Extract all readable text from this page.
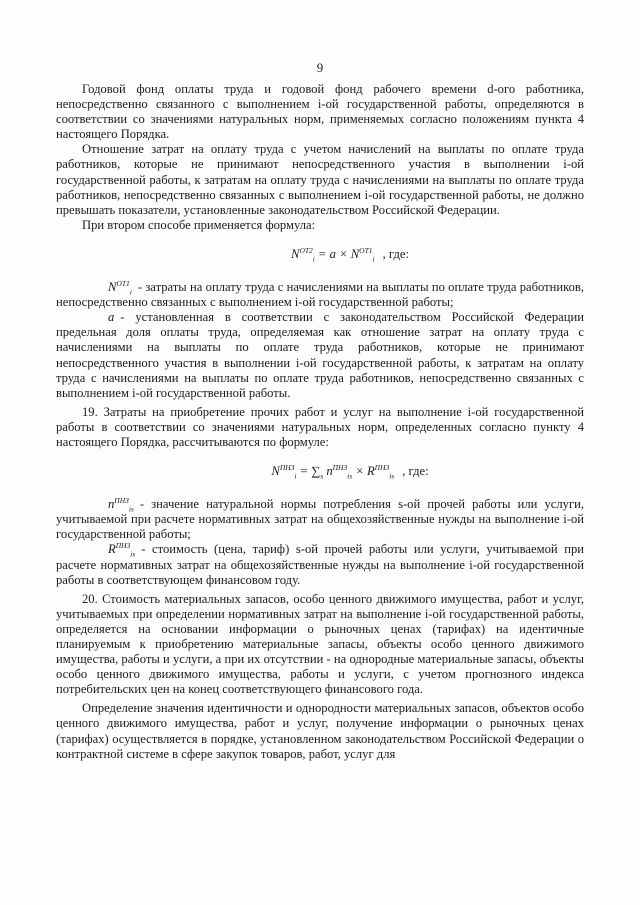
9

Годовой фонд оплаты труда и годовой фонд рабочего времени d-ого работника, непосредственно связанного с выполнением i-ой государственной работы, определяются в соответствии со значениями натуральных норм, применяемых согласно положениям пункта 4 настоящего Порядка.

Отношение затрат на оплату труда с учетом начислений на выплаты по оплате труда работников, которые не принимают непосредственного участия в выполнении i-ой государственной работы, к затратам на оплату труда с начислениями на выплаты по оплате труда работников, непосредственно связанных с выполнением i-ой государственной работы, не должно превышать показатели, установленные законодательством Российской Федерации.

При втором способе применяется формула:

$N^{ОТ2}_i = a \times N^{ОТ1}_i$ , где:

$N^{ОТ1}_i$ - затраты на оплату труда с начислениями на выплаты по оплате труда работников, непосредственно связанных с выполнением i-ой государственной работы;

a - установленная в соответствии с законодательством Российской Федерации предельная доля оплаты труда, определяемая как отношение затрат на оплату труда с начислениями на выплаты по оплате труда работников, которые не принимают непосредственного участия в выполнении i-ой государственной работы, к затратам на оплату труда с начислениями на выплаты по оплате труда работников, непосредственно связанных с выполнением i-ой государственной работы.

19. Затраты на приобретение прочих работ и услуг на выполнение i-ой государственной работы в соответствии со значениями натуральных норм, определенных согласно пункту 4 настоящего Порядка, рассчитываются по формуле:

$N^{ПНЗ}_i = \sum_s$ $n^{ПНЗ}_{is} \times R^{ПНЗ}_{is}$ , где:

$n^{ПНЗ}_{is}$ - значение натуральной нормы потребления s-ой прочей работы или услуги, учитываемой при расчете нормативных затрат на общехозяйственные нужды на выполнение i-ой государственной работы;

$R^{ПНЗ}_{is}$ - стоимость (цена, тариф) s-ой прочей работы или услуги, учитываемой при расчете нормативных затрат на общехозяйственные нужды на выполнение i-ой государственной работы в соответствующем финансовом году.

20. Стоимость материальных запасов, особо ценного движимого имущества, работ и услуг, учитываемых при определении нормативных затрат на выполнение i-ой государственной работы, определяется на основании информации о рыночных ценах (тарифах) на идентичные планируемым к приобретению материальные запасы, объекты особо ценного движимого имущества, работы и услуги, а при их отсутствии - на однородные материальные запасы, объекты особо ценного движимого имущества, работы и услуги, с учетом прогнозного индекса потребительских цен на конец соответствующего финансового года.

Определение значения идентичности и однородности материальных запасов, объектов особо ценного движимого имущества, работ и услуг, получение информации о рыночных ценах (тарифах) осуществляется в порядке, установленном законодательством Российской Федерации о контрактной системе в сфере закупок товаров, работ, услуг для
